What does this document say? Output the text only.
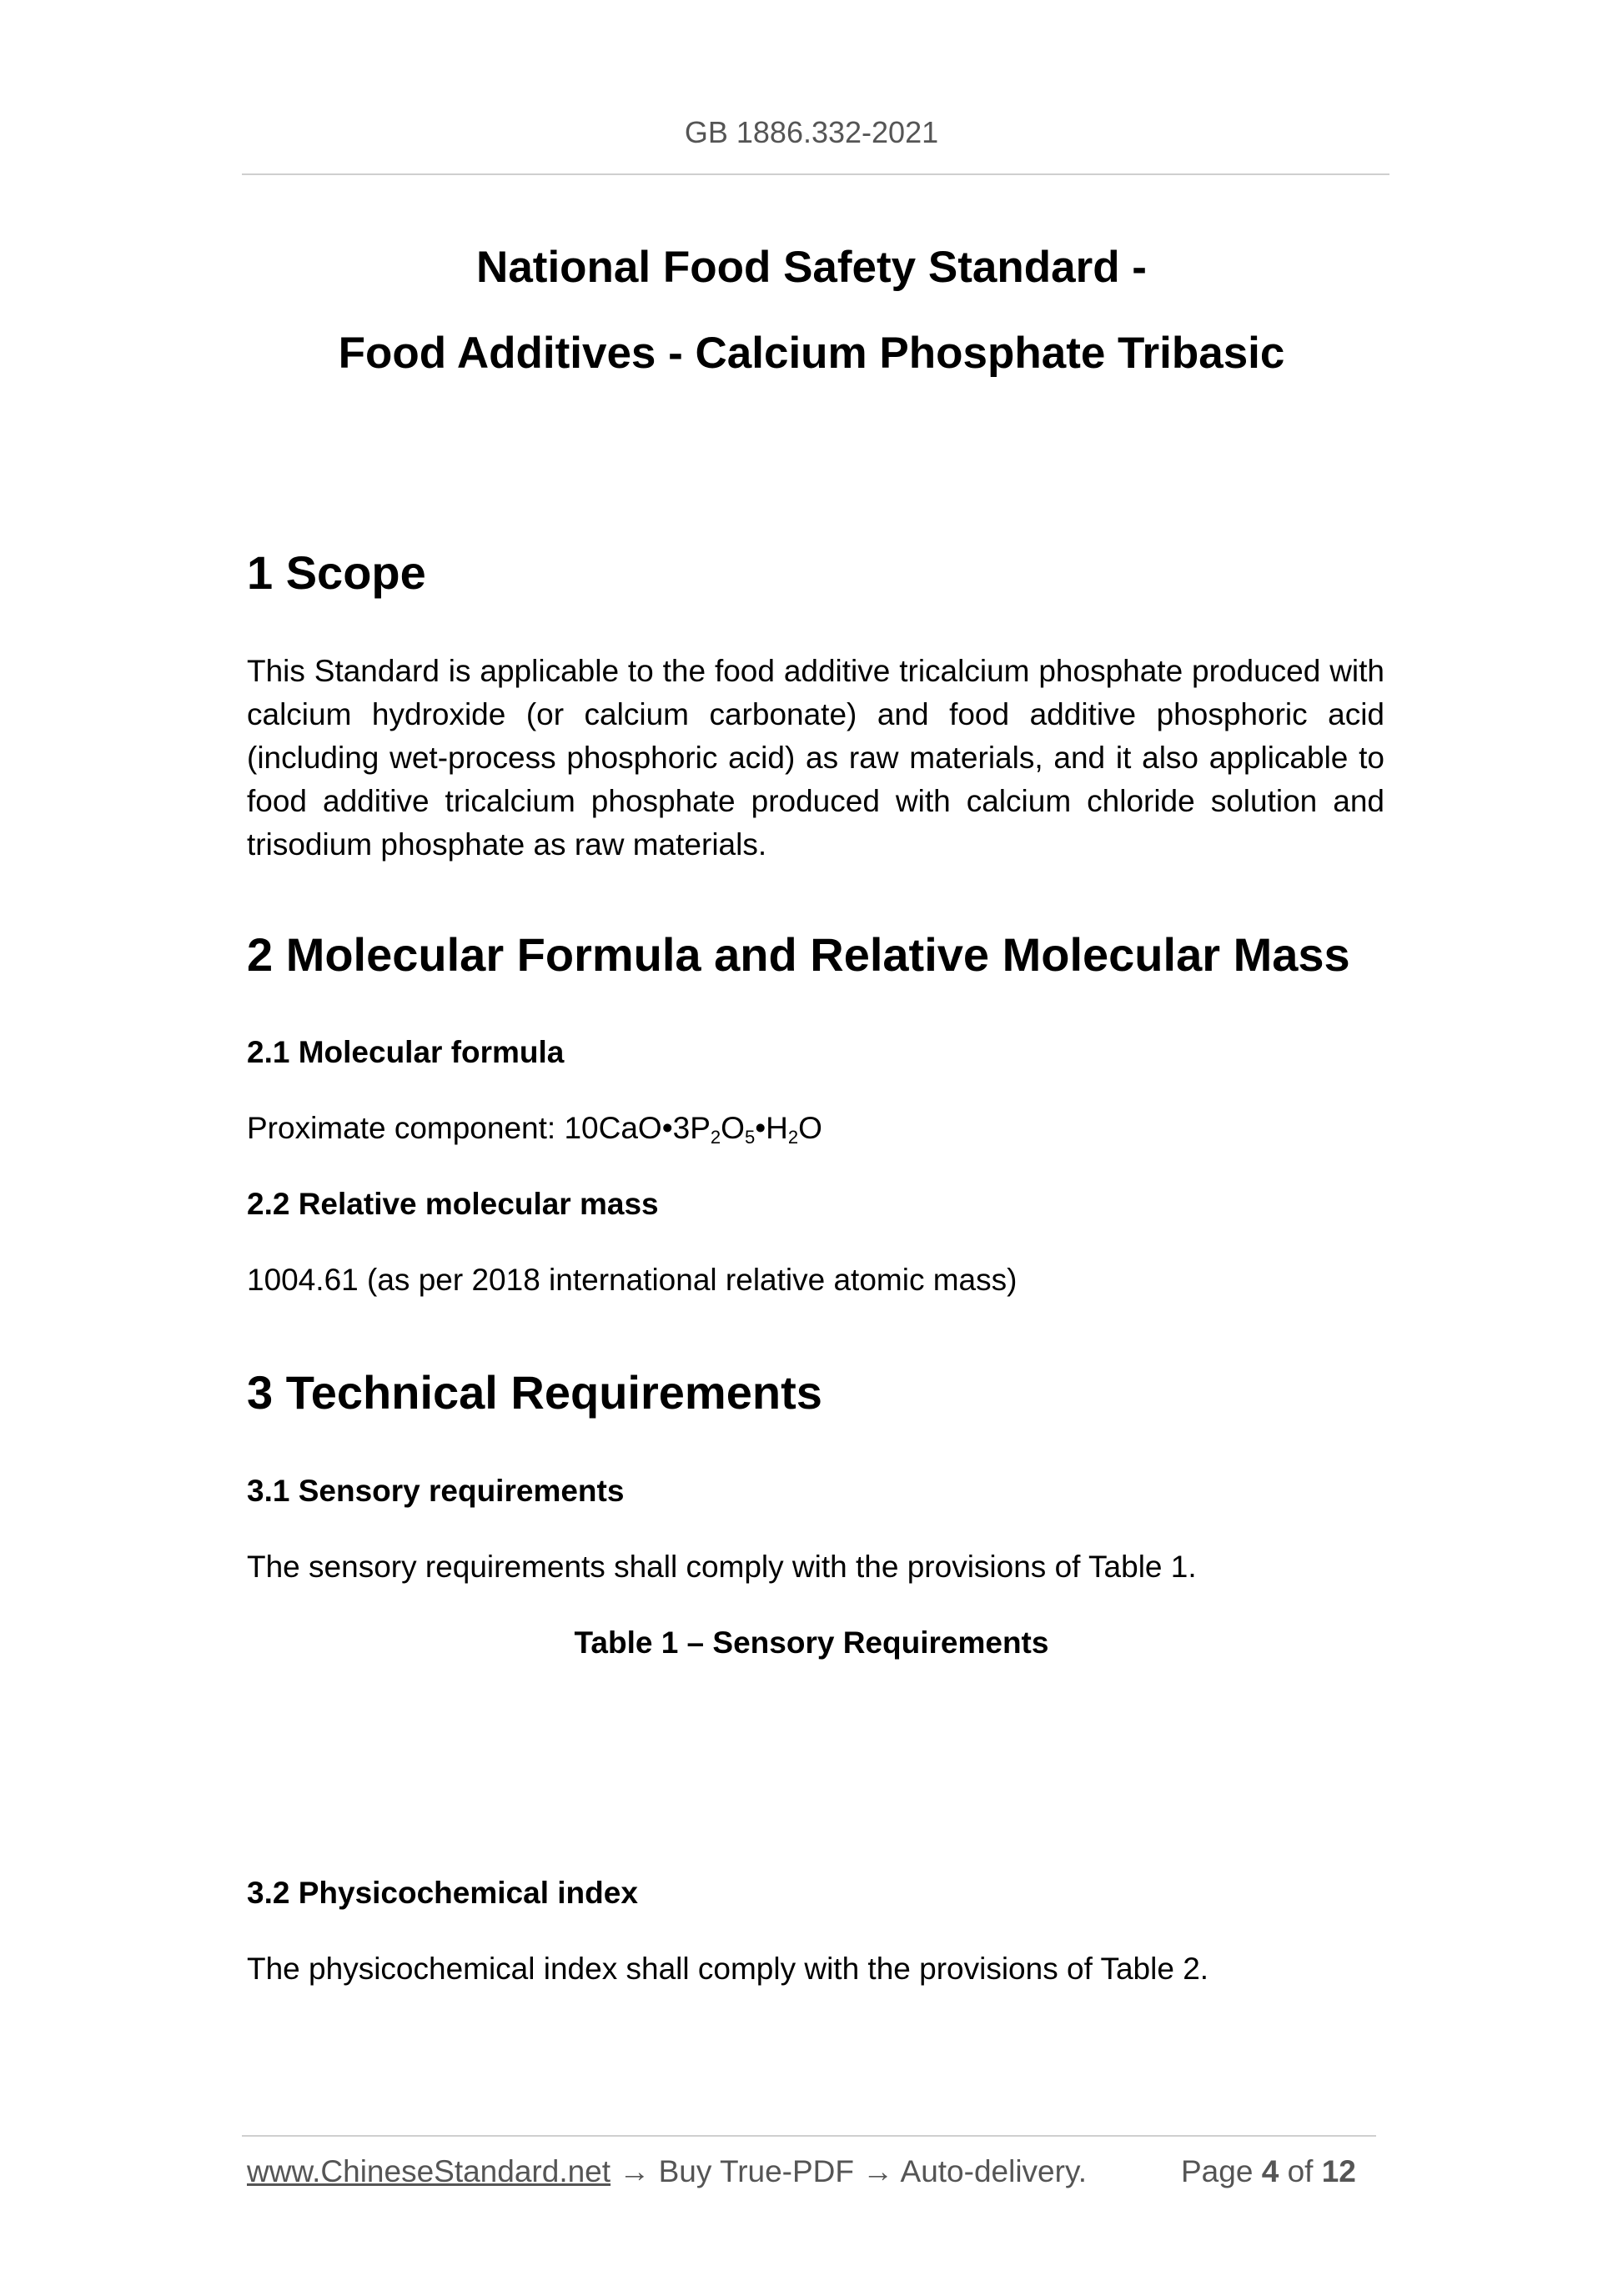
GB 1886.332-2021
National Food Safety Standard -
Food Additives - Calcium Phosphate Tribasic
1 Scope
This Standard is applicable to the food additive tricalcium phosphate produced with calcium hydroxide (or calcium carbonate) and food additive phosphoric acid (including wet-process phosphoric acid) as raw materials, and it also applicable to food additive tricalcium phosphate produced with calcium chloride solution and trisodium phosphate as raw materials.
2 Molecular Formula and Relative Molecular Mass
2.1 Molecular formula
Proximate component: $10CaO•3P_2O_5•H_2O$
2.2 Relative molecular mass
1004.61 (as per 2018 international relative atomic mass)
3 Technical Requirements
3.1 Sensory requirements
The sensory requirements shall comply with the provisions of Table 1.
Table 1 – Sensory Requirements
3.2 Physicochemical index
The physicochemical index shall comply with the provisions of Table 2.
www.ChineseStandard.net → Buy True-PDF → Auto-delivery.	Page 4 of 12
